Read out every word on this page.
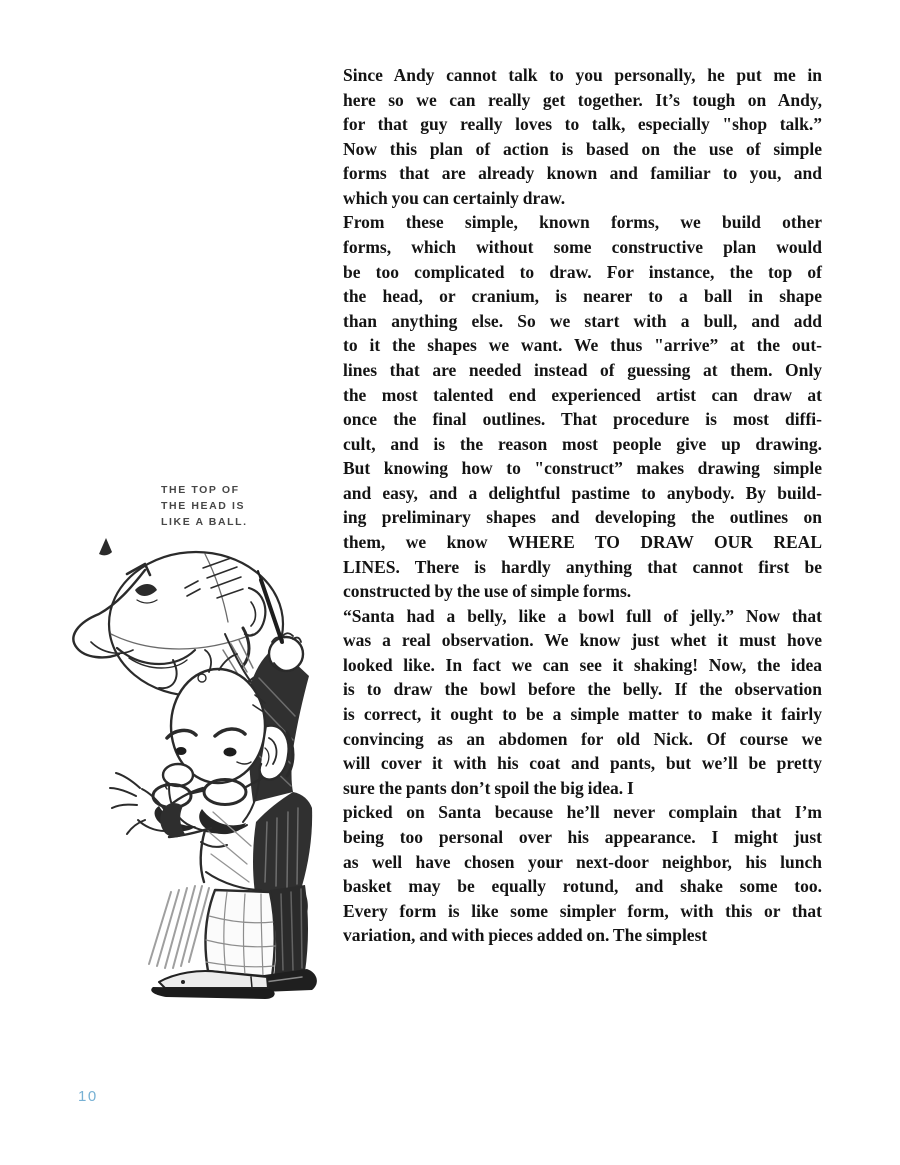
THE TOP OF
THE HEAD IS
LIKE A BALL.
Since Andy cannot talk to you personally, he put me in
here so we can really get together. It’s tough on Andy,
for that guy really loves to talk, especially "shop talk.”
Now this plan of action is based on the use of simple
forms that are already known and familiar to you, and
which you can certainly draw.
From these simple, known forms, we build other
forms, which without some constructive plan would
be too complicated to draw. For instance, the top of
the head, or cranium, is nearer to a ball in shape
than anything else. So we start with a bull, and add
to it the shapes we want. We thus "arrive” at the out-
lines that are needed instead of guessing at them. Only
the most talented end experienced artist can draw at
once the final outlines. That procedure is most diffi-
cult, and is the reason most people give up drawing.
But knowing how to "construct” makes drawing simple
and easy, and a delightful pastime to anybody. By build-
ing preliminary shapes and developing the outlines on
them, we know WHERE TO DRAW OUR REAL
LINES. There is hardly anything that cannot first be
constructed by the use of simple forms.
“Santa had a belly, like a bowl full of jelly.” Now that
was a real observation. We know just whet it must hove
looked like. In fact we can see it shaking! Now, the idea
is to draw the bowl before the belly. If the observation
is correct, it ought to be a simple matter to make it fairly
convincing as an abdomen for old Nick. Of course we
will cover it with his coat and pants, but we’ll be pretty
sure the pants don’t spoil the big idea. I
picked on Santa because he’ll never complain that I’m
being too personal over his appearance. I might just
as well have chosen your next-door neighbor, his lunch
basket may be equally rotund, and shake some too.
Every form is like some simpler form, with this or that
variation, and with pieces added on. The simplest
10
